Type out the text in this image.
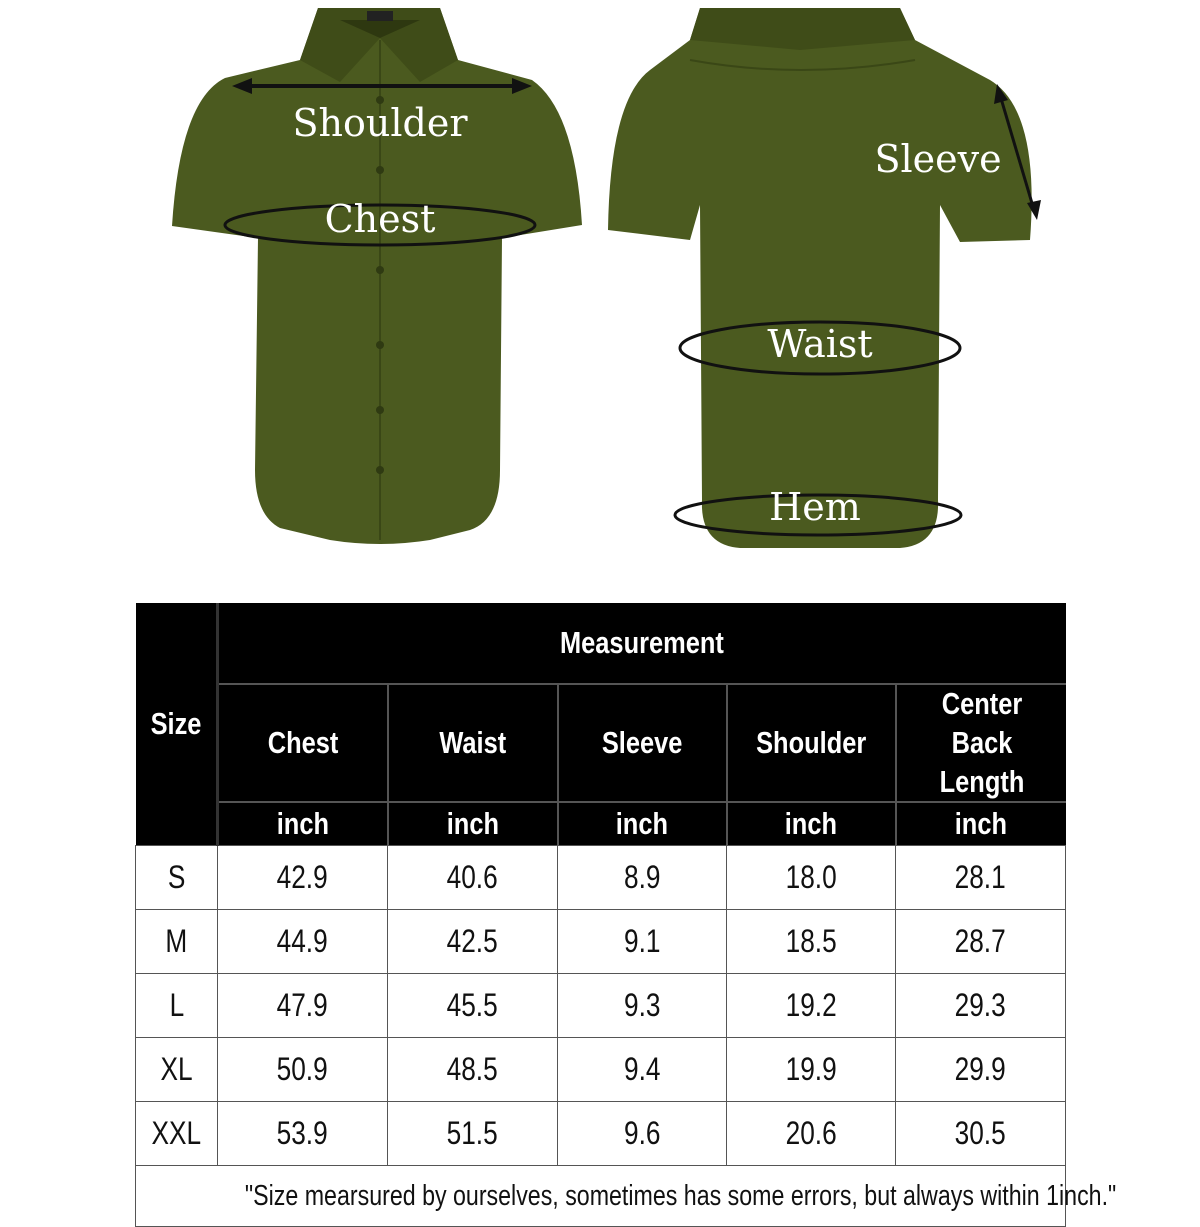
Shoulder
Chest
Sleeve
Waist
Hem
Size	Measurement				
	Chest	Waist	Sleeve	Shoulder	Center Back Length
	inch	inch	inch	inch	inch
S	42.9	40.6	8.9	18.0	28.1
M	44.9	42.5	9.1	18.5	28.7
L	47.9	45.5	9.3	19.2	29.3
XL	50.9	48.5	9.4	19.9	29.9
XXL	53.9	51.5	9.6	20.6	30.5
"Size mearsured by ourselves, sometimes has some errors, but always within 1inch."					
